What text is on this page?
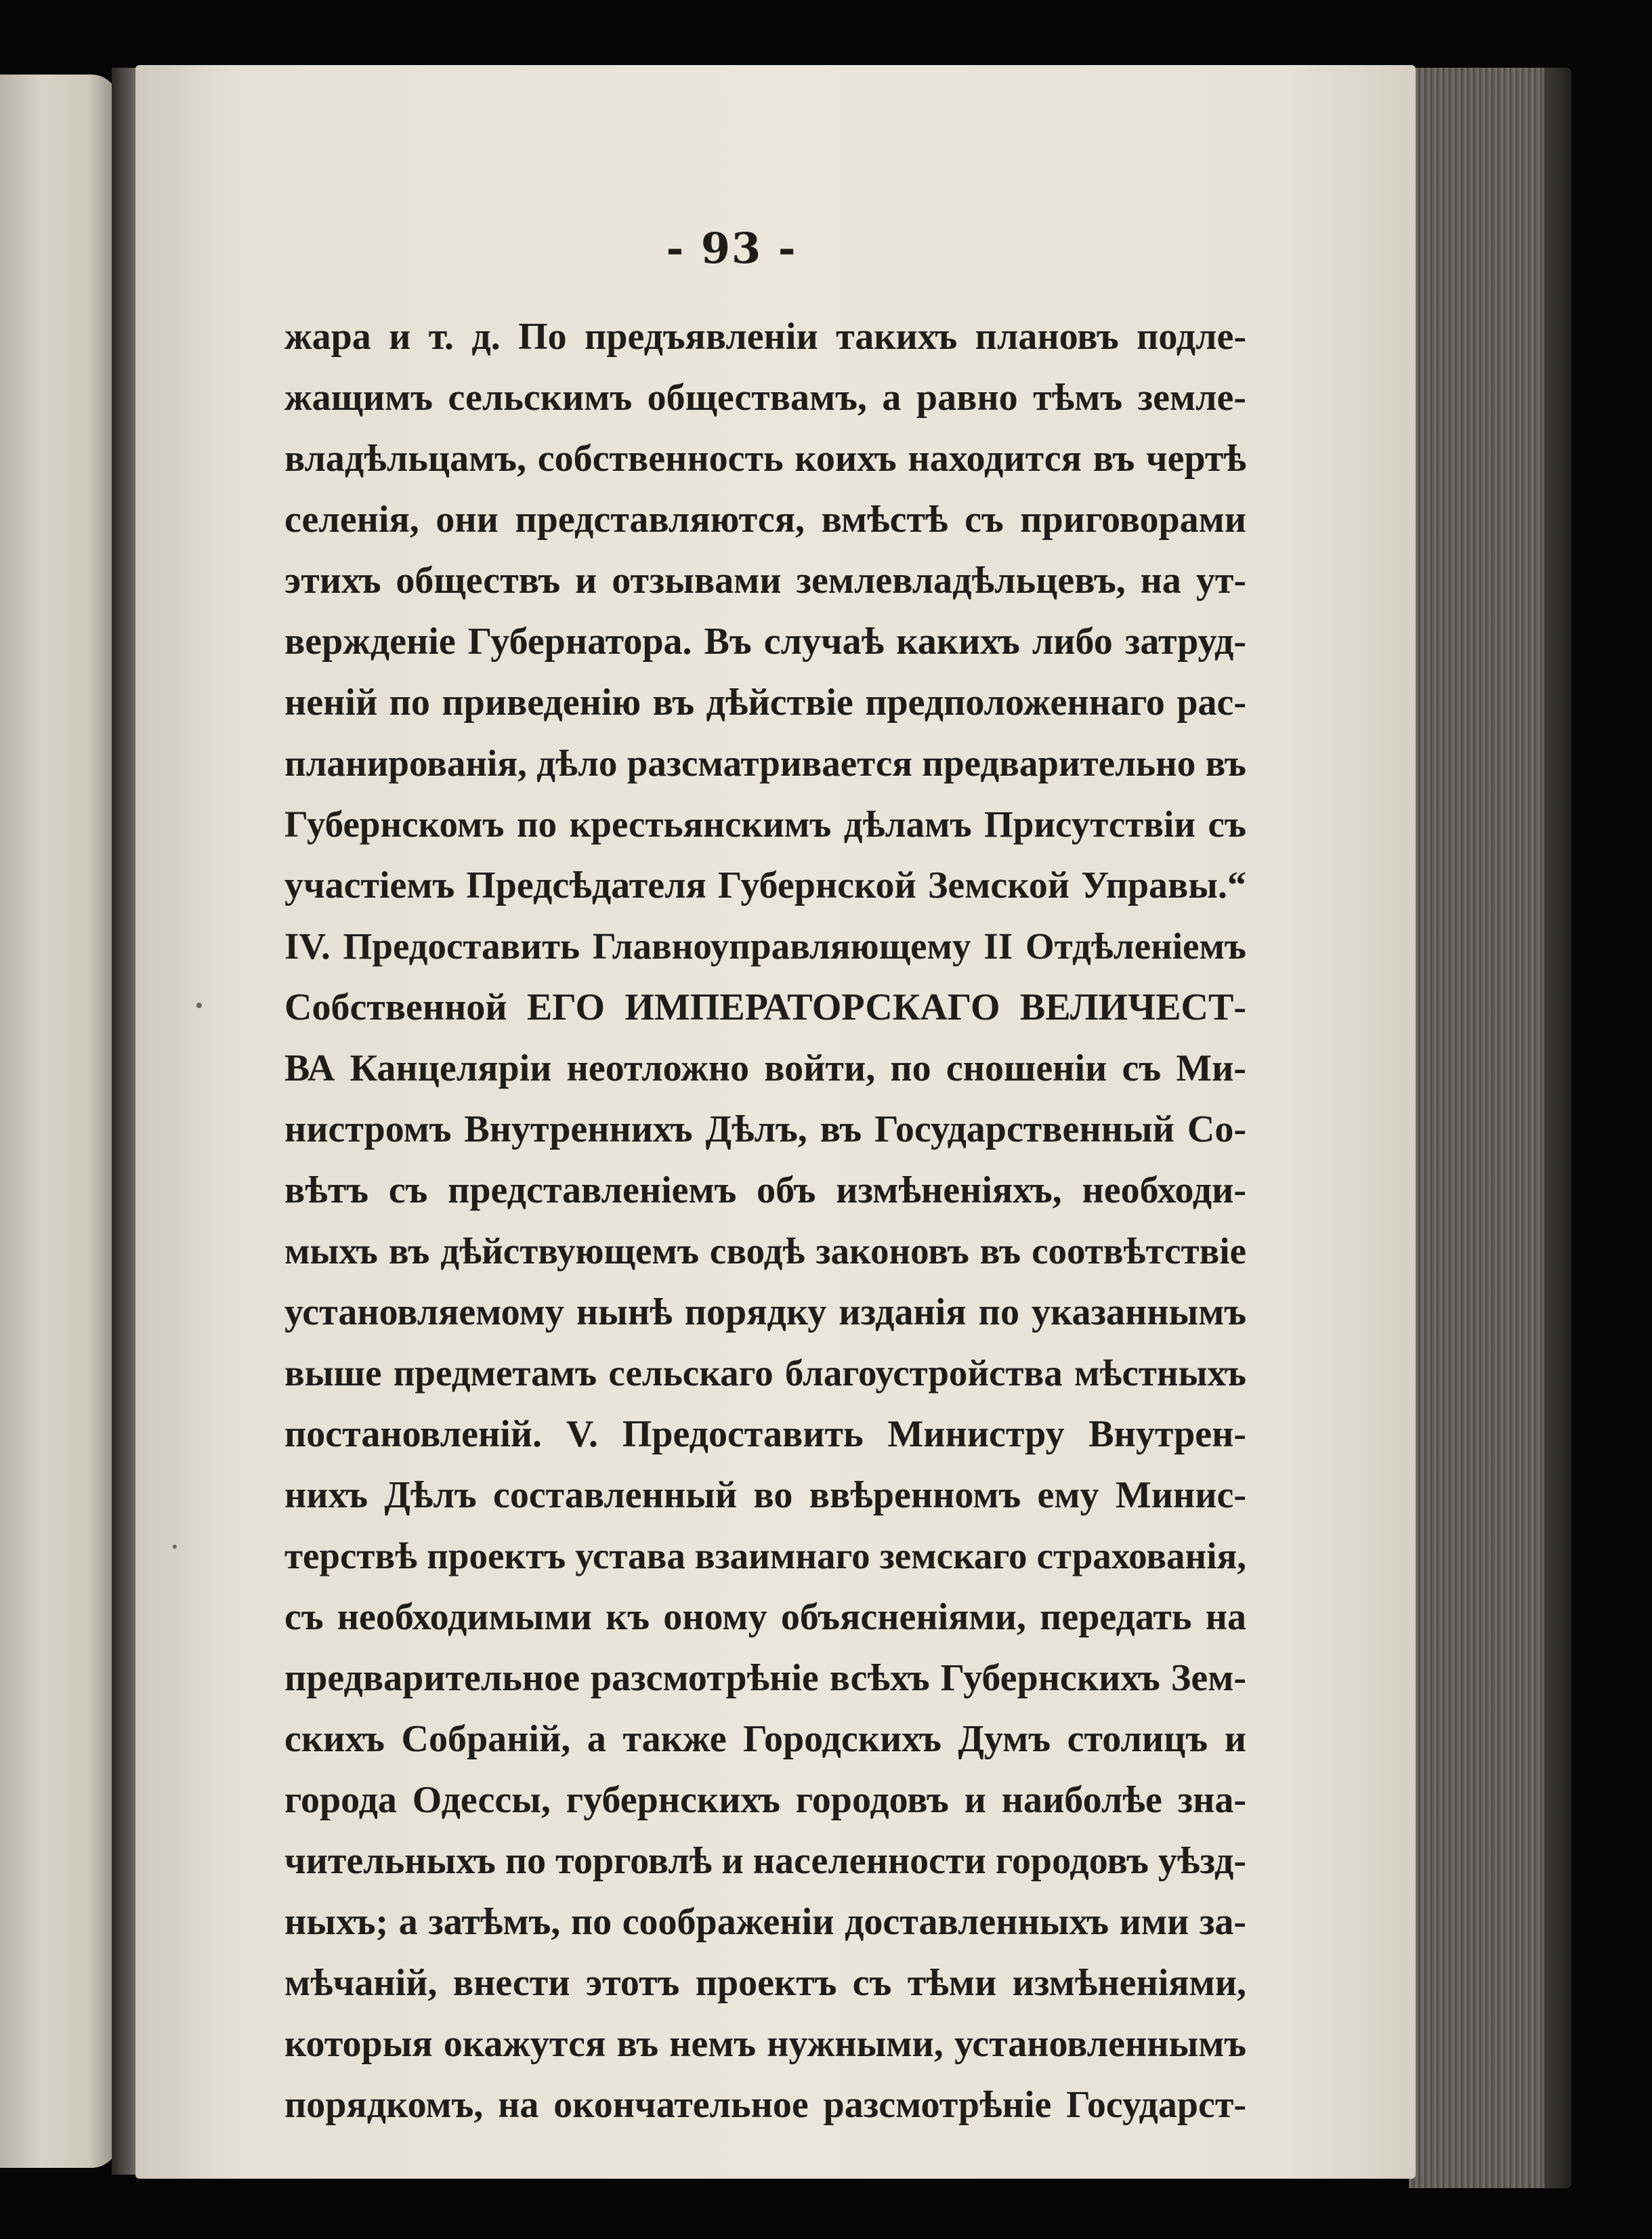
- 93 -
жара и т. д. По предъявленіи такихъ плановъ подле-
жащимъ сельскимъ обществамъ, а равно тѣмъ земле-
владѣльцамъ, собственность коихъ находится въ чертѣ
селенія, они представляются, вмѣстѣ съ приговорами
этихъ обществъ и отзывами землевладѣльцевъ, на ут-
вержденіе Губернатора. Въ случаѣ какихъ либо затруд-
неній по приведенію въ дѣйствіе предположеннаго рас-
планированія, дѣло разсматривается предварительно въ
Губернскомъ по крестьянскимъ дѣламъ Присутствіи съ
участіемъ Предсѣдателя Губернской Земской Управы.“
IV. Предоставить Главноуправляющему II Отдѣленіемъ
Собственной ЕГО ИМПЕРАТОРСКАГО ВЕЛИЧЕСТ-
ВА Канцеляріи неотложно войти, по сношеніи съ Ми-
нистромъ Внутреннихъ Дѣлъ, въ Государственный Со-
вѣтъ съ представленіемъ объ измѣненіяхъ, необходи-
мыхъ въ дѣйствующемъ сводѣ законовъ въ соотвѣтствіе
установляемому нынѣ порядку изданія по указаннымъ
выше предметамъ сельскаго благоустройства мѣстныхъ
постановленій. V. Предоставить Министру Внутрен-
нихъ Дѣлъ составленный во ввѣренномъ ему Минис-
терствѣ проектъ устава взаимнаго земскаго страхованія,
съ необходимыми къ оному объясненіями, передать на
предварительное разсмотрѣніе всѣхъ Губернскихъ Зем-
скихъ Собраній, а также Городскихъ Думъ столицъ и
города Одессы, губернскихъ городовъ и наиболѣе зна-
чительныхъ по торговлѣ и населенности городовъ уѣзд-
ныхъ; а затѣмъ, по соображеніи доставленныхъ ими за-
мѣчаній, внести этотъ проектъ съ тѣми измѣненіями,
которыя окажутся въ немъ нужными, установленнымъ
порядкомъ, на окончательное разсмотрѣніе Государст-
